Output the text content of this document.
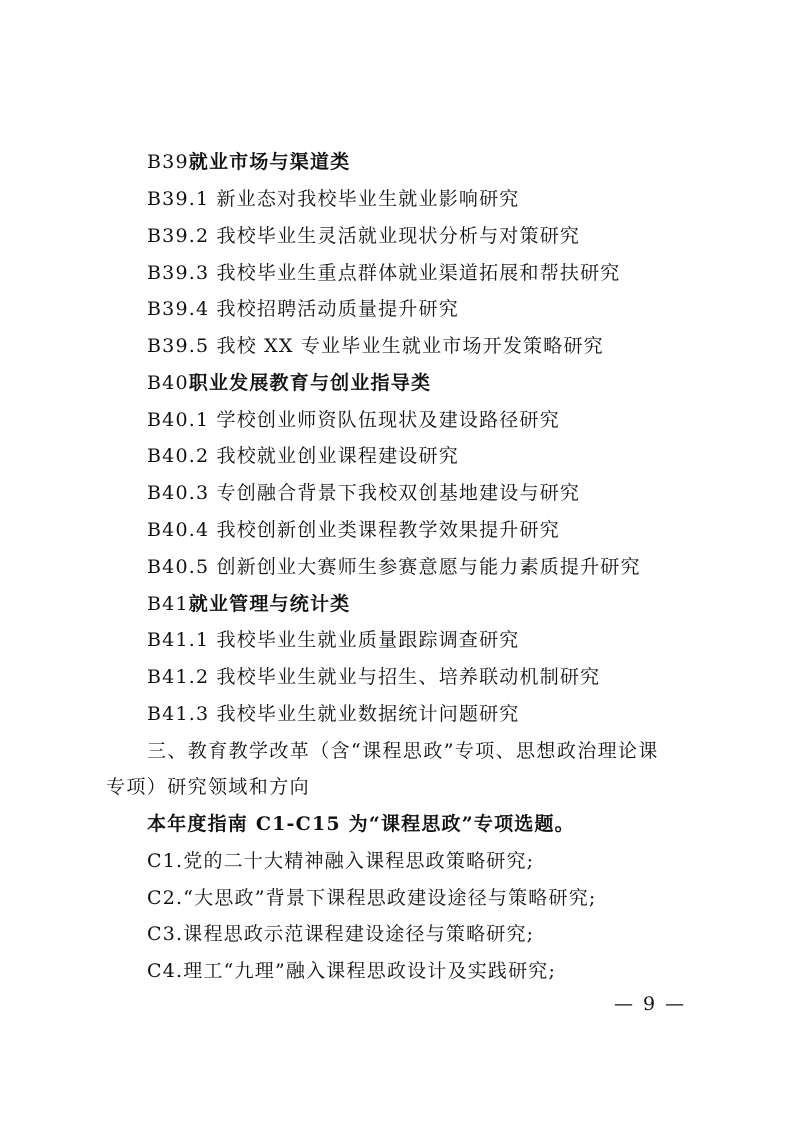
B39就业市场与渠道类
B39.1 新业态对我校毕业生就业影响研究
B39.2 我校毕业生灵活就业现状分析与对策研究
B39.3 我校毕业生重点群体就业渠道拓展和帮扶研究
B39.4 我校招聘活动质量提升研究
B39.5 我校 XX 专业毕业生就业市场开发策略研究
B40职业发展教育与创业指导类
B40.1 学校创业师资队伍现状及建设路径研究
B40.2 我校就业创业课程建设研究
B40.3 专创融合背景下我校双创基地建设与研究
B40.4 我校创新创业类课程教学效果提升研究
B40.5 创新创业大赛师生参赛意愿与能力素质提升研究
B41就业管理与统计类
B41.1 我校毕业生就业质量跟踪调查研究
B41.2 我校毕业生就业与招生、培养联动机制研究
B41.3 我校毕业生就业数据统计问题研究
三、教育教学改革（含“课程思政”专项、思想政治理论课
专项）研究领域和方向
本年度指南 C1-C15 为“课程思政”专项选题。
C1.党的二十大精神融入课程思政策略研究;
C2.“大思政”背景下课程思政建设途径与策略研究;
C3.课程思政示范课程建设途径与策略研究;
C4.理工“九理”融入课程思政设计及实践研究;
— 9 —
